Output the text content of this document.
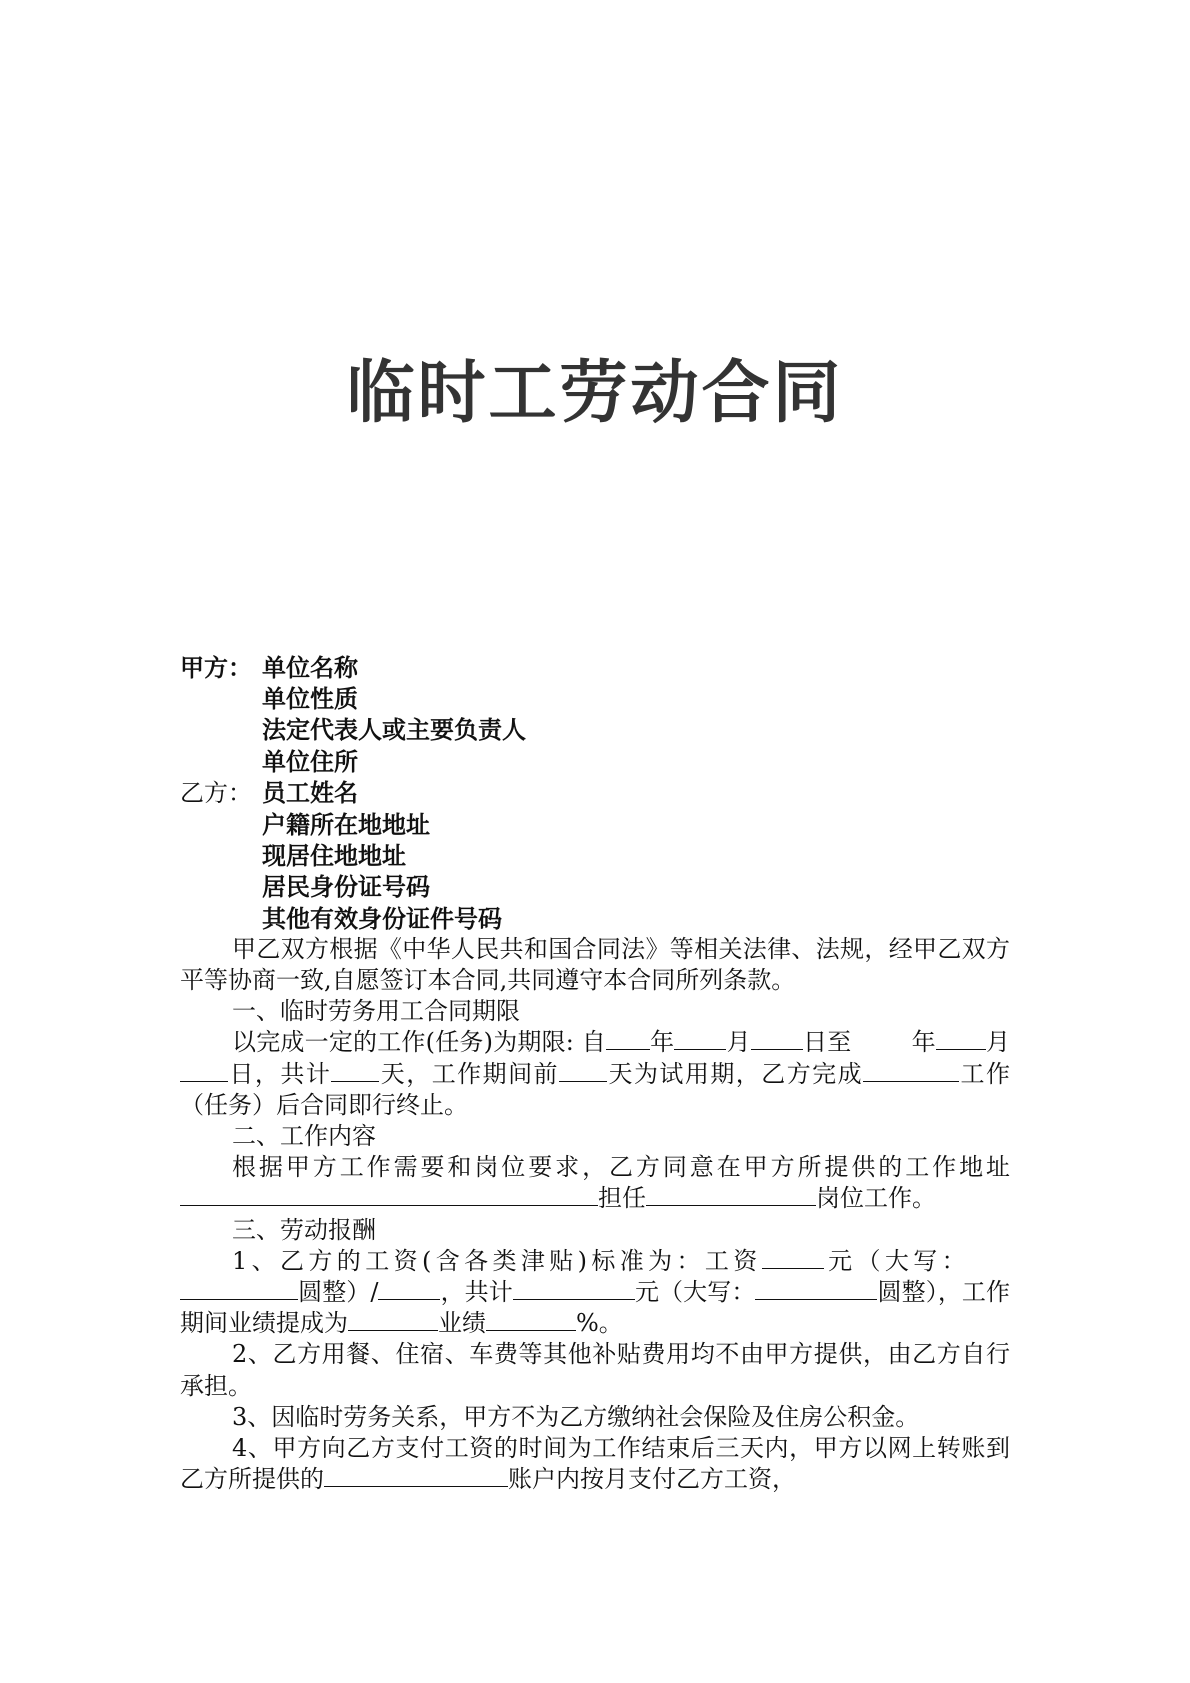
临时工劳动合同
甲方： 单位名称
单位性质
法定代表人或主要负责人
单位住所
乙方： 员工姓名
户籍所在地地址
现居住地地址
居民身份证号码
其他有效身份证件号码
甲乙双方根据《中华人民共和国合同法》等相关法律、法规，经甲乙双方平等协商一致,自愿签订本合同,共同遵守本合同所列条款。
一、临时劳务用工合同期限
以完成一定的工作(任务)为期限: 自 年 月 日至	年 月日，共计 天，工作期间前 天为试用期，乙方完成	工作（任务）后合同即行终止。
二、工作内容
根据甲方工作需要和岗位要求，乙方同意在甲方所提供的工作地址担任	岗位工作。
三、劳动报酬
1、乙方的工资(含各类津贴)标准为：工资	元（大写：圆整）/	，共计	元（大写：	圆整），工作期间业绩提成为	业绩	%。
2、乙方用餐、住宿、车费等其他补贴费用均不由甲方提供，由乙方自行承担。
3、因临时劳务关系，甲方不为乙方缴纳社会保险及住房公积金。
4、甲方向乙方支付工资的时间为工作结束后三天内，甲方以网上转账到乙方所提供的	账户内按月支付乙方工资，
